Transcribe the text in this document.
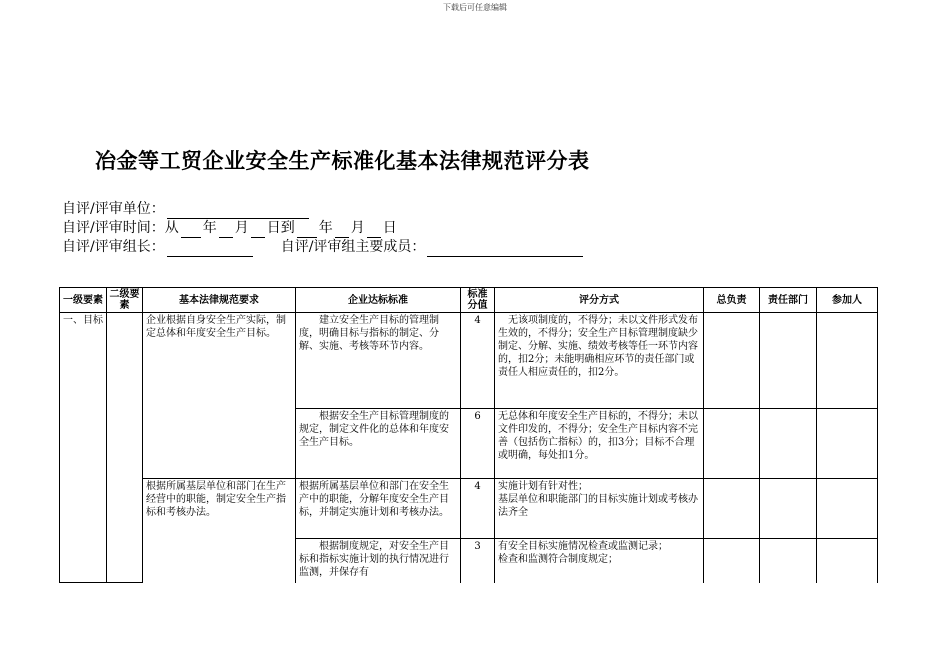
下载后可任意编辑
冶金等工贸企业安全生产标准化基本法律规范评分表
自评/评审单位：
自评/评审时间：从 年 月 日到 年 月 日
自评/评审组长：	自评/评审组主要成员：
一级要素	二级要素	基本法律规范要求	企业达标标准	标准分值	评分方式	总负责	责任部门	参加人
一、目标		企业根据自身安全生产实际，制定总体和年度安全生产目标。	建立安全生产目标的管理制度，明确目标与指标的制定、分解、实施、考核等环节内容。	4	无该项制度的，不得分；未以文件形式发布生效的，不得分；安全生产目标管理制度缺少制定、分解、实施、绩效考核等任一环节内容的，扣2分；未能明确相应环节的责任部门或责任人相应责任的，扣2分。			
			根据安全生产目标管理制度的规定，制定文件化的总体和年度安全生产目标。	6	无总体和年度安全生产目标的，不得分；未以文件印发的，不得分；安全生产目标内容不完善（包括伤亡指标）的，扣3分；目标不合理或明确，每处扣1分。			
		根据所属基层单位和部门在生产经营中的职能，制定安全生产指标和考核办法。	根据所属基层单位和部门在安全生产中的职能，分解年度安全生产目标，并制定实施计划和考核办法。	4	实施计划有针对性；
基层单位和职能部门的目标实施计划或考核办法齐全			
			根据制度规定，对安全生产目标和指标实施计划的执行情况进行监测，并保存有	3	有安全目标实施情况检查或监测记录；
检查和监测符合制度规定；			
